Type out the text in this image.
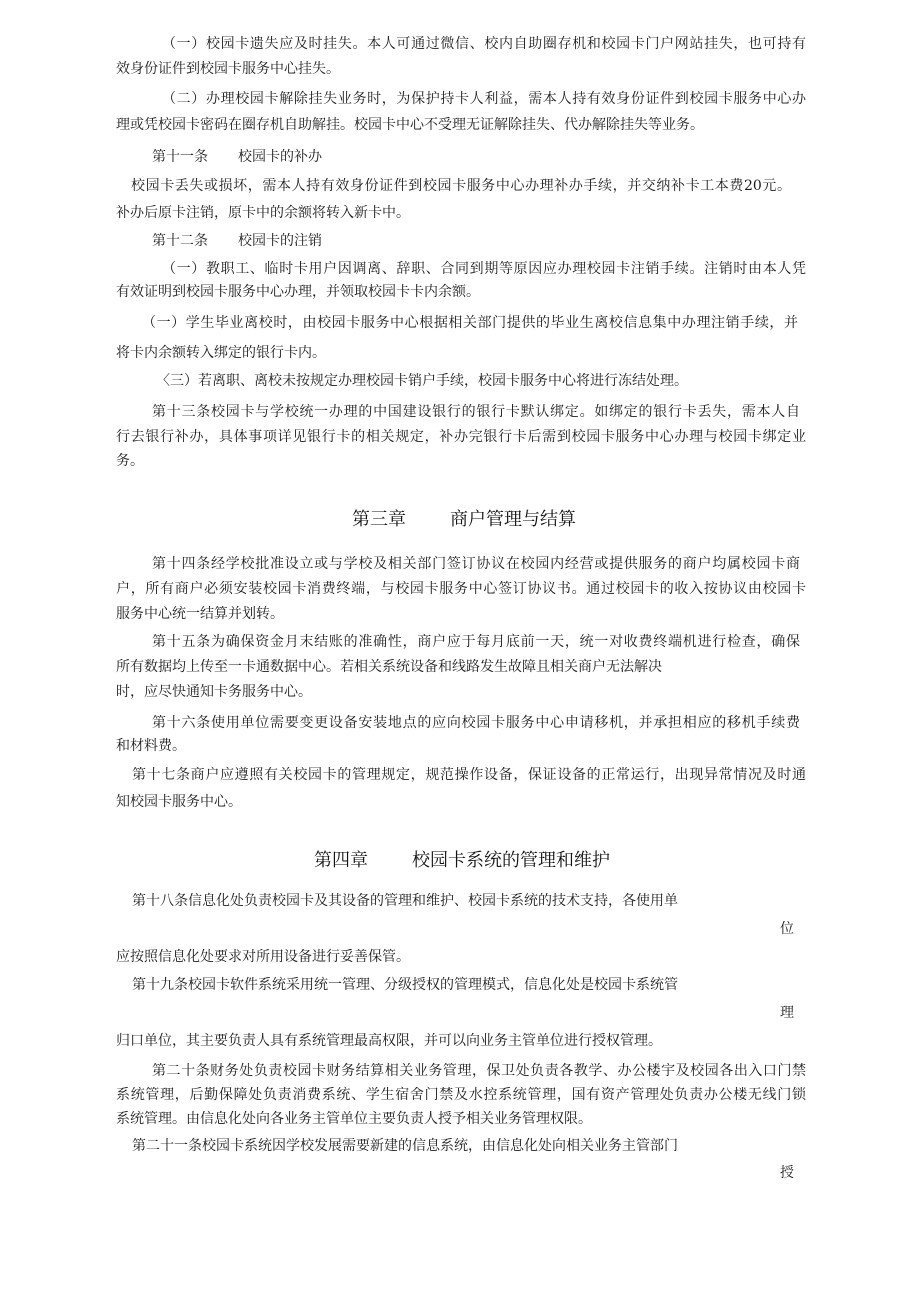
（一）校园卡遗失应及时挂失。本人可通过微信、校内自助圈存机和校园卡门户网站挂失，也可持有
效身份证件到校园卡服务中心挂失。
（二）办理校园卡解除挂失业务时，为保护持卡人利益，需本人持有效身份证件到校园卡服务中心办
理或凭校园卡密码在圈存机自助解挂。校园卡中心不受理无证解除挂失、代办解除挂失等业务。
第十一条 校园卡的补办
校园卡丢失或损坏，需本人持有效身份证件到校园卡服务中心办理补办手续，并交纳补卡工本费20元。
补办后原卡注销，原卡中的余额将转入新卡中。
第十二条 校园卡的注销
（一）教职工、临时卡用户因调离、辞职、合同到期等原因应办理校园卡注销手续。注销时由本人凭
有效证明到校园卡服务中心办理，并领取校园卡卡内余额。
（一）学生毕业离校时，由校园卡服务中心根据相关部门提供的毕业生离校信息集中办理注销手续，并
将卡内余额转入绑定的银行卡内。
〈三）若离职、离校未按规定办理校园卡销户手续，校园卡服务中心将进行冻结处理。
第十三条校园卡与学校统一办理的中国建设银行的银行卡默认绑定。如绑定的银行卡丢失，需本人自
行去银行补办，具体事项详见银行卡的相关规定，补办完银行卡后需到校园卡服务中心办理与校园卡绑定业
务。
第三章 商户管理与结算
第十四条经学校批准设立或与学校及相关部门签订协议在校园内经营或提供服务的商户均属校园卡商
户，所有商户必须安装校园卡消费终端，与校园卡服务中心签订协议书。通过校园卡的收入按协议由校园卡
服务中心统一结算并划转。
第十五条为确保资金月末结账的准确性，商户应于每月底前一天，统一对收费终端机进行检查，确保
所有数据均上传至一卡通数据中心。若相关系统设备和线路发生故障且相关商户无法解决
时，应尽快通知卡务服务中心。
第十六条使用单位需要变更设备安装地点的应向校园卡服务中心申请移机，并承担相应的移机手续费
和材料费。
第十七条商户应遵照有关校园卡的管理规定，规范操作设备，保证设备的正常运行，出现异常情况及时通
知校园卡服务中心。
第四章 校园卡系统的管理和维护
第十八条信息化处负责校园卡及其设备的管理和维护、校园卡系统的技术支持，各使用单
位
应按照信息化处要求对所用设备进行妥善保管。
第十九条校园卡软件系统采用统一管理、分级授权的管理模式，信息化处是校园卡系统管
理
归口单位，其主要负责人具有系统管理最高权限，并可以向业务主管单位进行授权管理。
第二十条财务处负责校园卡财务结算相关业务管理，保卫处负责各教学、办公楼宇及校园各出入口门禁
系统管理，后勤保障处负责消费系统、学生宿舍门禁及水控系统管理，国有资产管理处负责办公楼无线门锁
系统管理。由信息化处向各业务主管单位主要负责人授予相关业务管理权限。
第二十一条校园卡系统因学校发展需要新建的信息系统，由信息化处向相关业务主管部门
授
